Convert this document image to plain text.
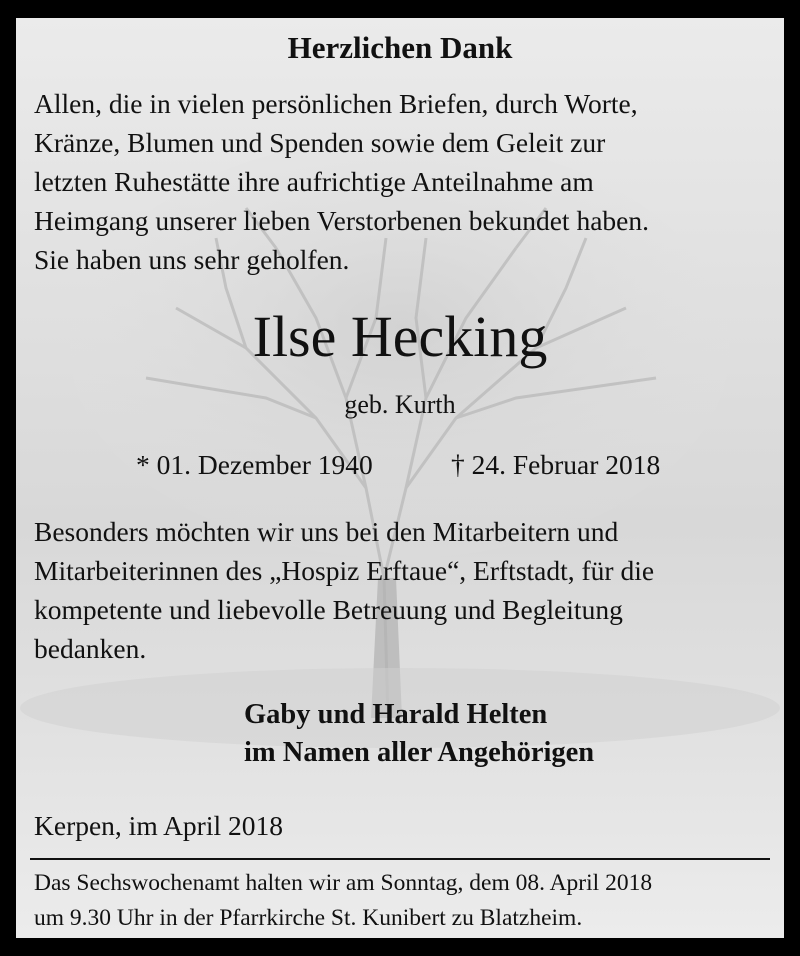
Herzlichen Dank
Allen, die in vielen persönlichen Briefen, durch Worte,
Kränze, Blumen und Spenden sowie dem Geleit zur
letzten Ruhestätte ihre aufrichtige Anteilnahme am
Heimgang unserer lieben Verstorbenen bekundet haben.
Sie haben uns sehr geholfen.
Ilse Hecking
geb. Kurth
* 01. Dezember 1940	† 24. Februar 2018
Besonders möchten wir uns bei den Mitarbeitern und
Mitarbeiterinnen des „Hospiz Erftaue“, Erftstadt, für die
kompetente und liebevolle Betreuung und Begleitung
bedanken.
Gaby und Harald Helten
im Namen aller Angehörigen
Kerpen, im April 2018
Das Sechswochenamt halten wir am Sonntag, dem 08. April 2018
um 9.30 Uhr in der Pfarrkirche St. Kunibert zu Blatzheim.
